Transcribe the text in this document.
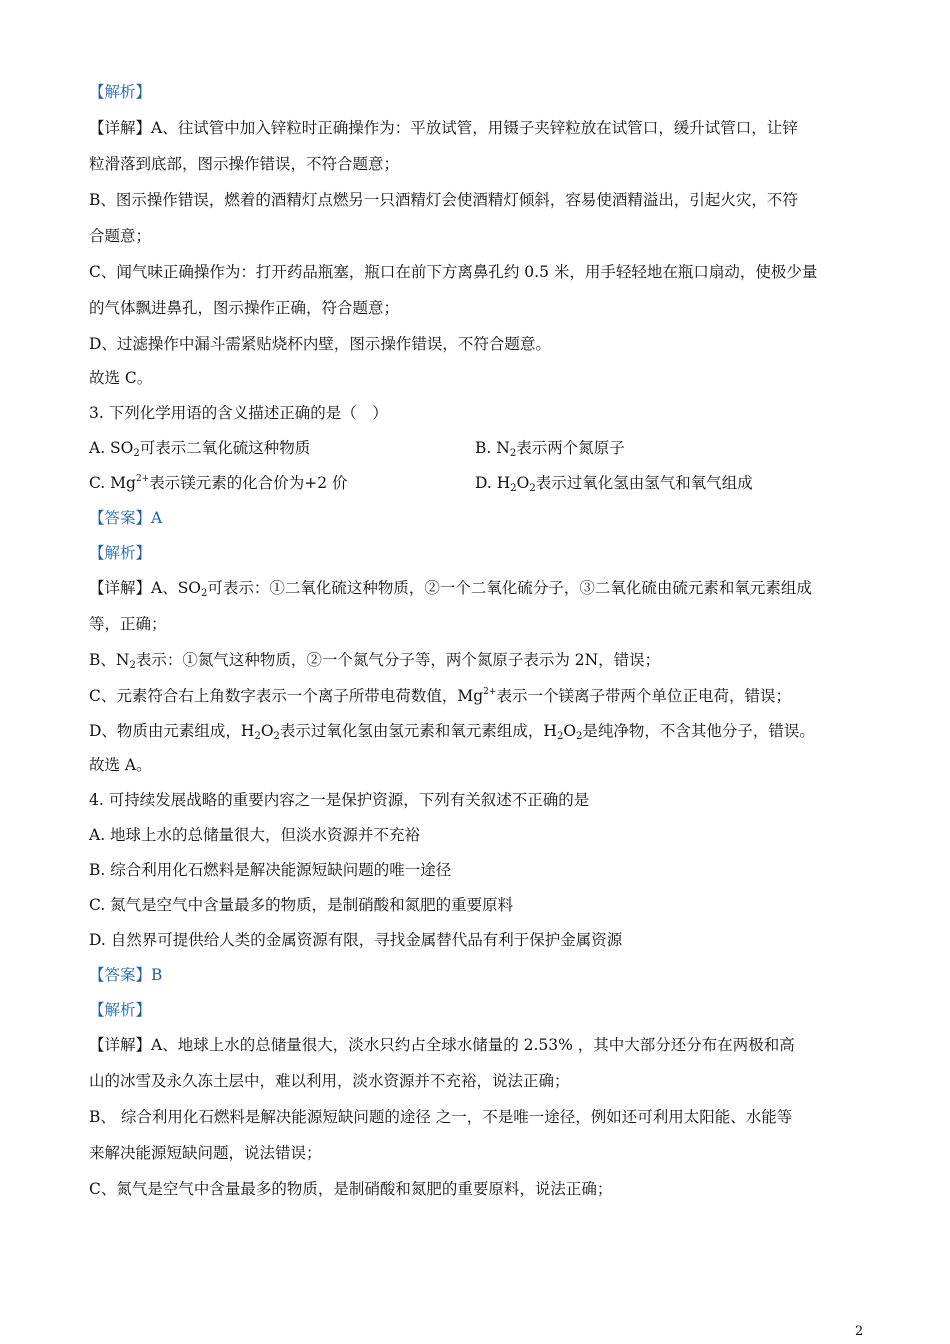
【解析】
【详解】A、往试管中加入锌粒时正确操作为：平放试管，用镊子夹锌粒放在试管口，缓升试管口，让锌
粒滑落到底部，图示操作错误，不符合题意；
B、图示操作错误，燃着的酒精灯点燃另一只酒精灯会使酒精灯倾斜，容易使酒精溢出，引起火灾，不符
合题意；
C、闻气味正确操作为：打开药品瓶塞，瓶口在前下方离鼻孔约 0.5 米，用手轻轻地在瓶口扇动，使极少量
的气体飘进鼻孔，图示操作正确，符合题意；
D、过滤操作中漏斗需紧贴烧杯内壁，图示操作错误，不符合题意。
故选 C。
3. 下列化学用语的含义描述正确的是（　）
A. $SO_2$可表示二氧化硫这种物质	B. $N_2$表示两个氮原子
C. $Mg^{2+}$表示镁元素的化合价为+2 价	D. $H_2O_2$表示过氧化氢由氢气和氧气组成
【答案】A
【解析】
【详解】A、$SO_2$可表示：①二氧化硫这种物质，②一个二氧化硫分子，③二氧化硫由硫元素和氧元素组成
等，正确；
B、$N_2$表示：①氮气这种物质，②一个氮气分子等，两个氮原子表示为 2N，错误；
C、元素符合右上角数字表示一个离子所带电荷数值，$Mg^{2+}$表示一个镁离子带两个单位正电荷，错误；
D、物质由元素组成，$H_2O_2$表示过氧化氢由氢元素和氧元素组成，$H_2O_2$是纯净物，不含其他分子，错误。
故选 A。
4. 可持续发展战略的重要内容之一是保护资源，下列有关叙述不正确的是
A. 地球上水的总储量很大，但淡水资源并不充裕
B. 综合利用化石燃料是解决能源短缺问题的唯一途径
C. 氮气是空气中含量最多的物质，是制硝酸和氮肥的重要原料
D. 自然界可提供给人类的金属资源有限，寻找金属替代品有利于保护金属资源
【答案】B
【解析】
【详解】A、地球上水的总储量很大，淡水只约占全球水储量的 2.53% ，其中大部分还分布在两极和高
山的冰雪及永久冻土层中，难以利用，淡水资源并不充裕，说法正确；
B、 综合利用化石燃料是解决能源短缺问题的途径 之一，不是唯一途径，例如还可利用太阳能、水能等
来解决能源短缺问题，说法错误；
C、氮气是空气中含量最多的物质，是制硝酸和氮肥的重要原料，说法正确；
2
